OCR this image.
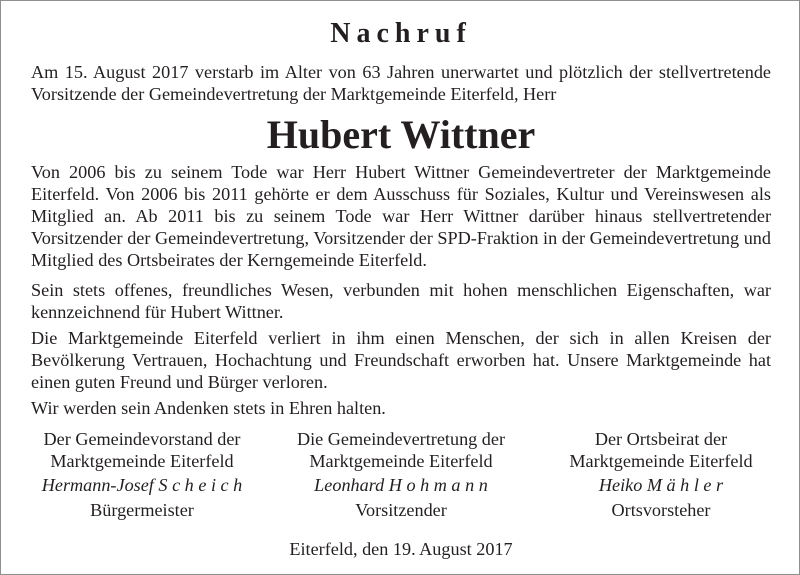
Nachruf
Am 15. August 2017 verstarb im Alter von 63 Jahren unerwartet und plötzlich der stellvertretende Vorsitzende der Gemeindevertretung der Marktgemeinde Eiterfeld, Herr
Hubert Wittner
Von 2006 bis zu seinem Tode war Herr Hubert Wittner Gemeindevertreter der Marktgemeinde Eiterfeld. Von 2006 bis 2011 gehörte er dem Ausschuss für Soziales, Kultur und Vereinswesen als Mitglied an. Ab 2011 bis zu seinem Tode war Herr Wittner darüber hinaus stellvertretender Vorsitzender der Gemeindevertretung, Vorsitzender der SPD-Fraktion in der Gemeindevertretung und Mitglied des Ortsbeirates der Kerngemeinde Eiterfeld.
Sein stets offenes, freundliches Wesen, verbunden mit hohen menschlichen Eigenschaften, war kennzeichnend für Hubert Wittner.
Die Marktgemeinde Eiterfeld verliert in ihm einen Menschen, der sich in allen Kreisen der Bevölkerung Vertrauen, Hochachtung und Freundschaft erworben hat. Unsere Marktgemeinde hat einen guten Freund und Bürger verloren.
Wir werden sein Andenken stets in Ehren halten.
Der Gemeindevorstand der
Marktgemeinde Eiterfeld
Hermann-Josef S c h e i c h
Bürgermeister
Die Gemeindevertretung der
Marktgemeinde Eiterfeld
Leonhard H o h m a n n
Vorsitzender
Der Ortsbeirat der
Marktgemeinde Eiterfeld
Heiko M ä h l e r
Ortsvorsteher
Eiterfeld, den 19. August 2017
